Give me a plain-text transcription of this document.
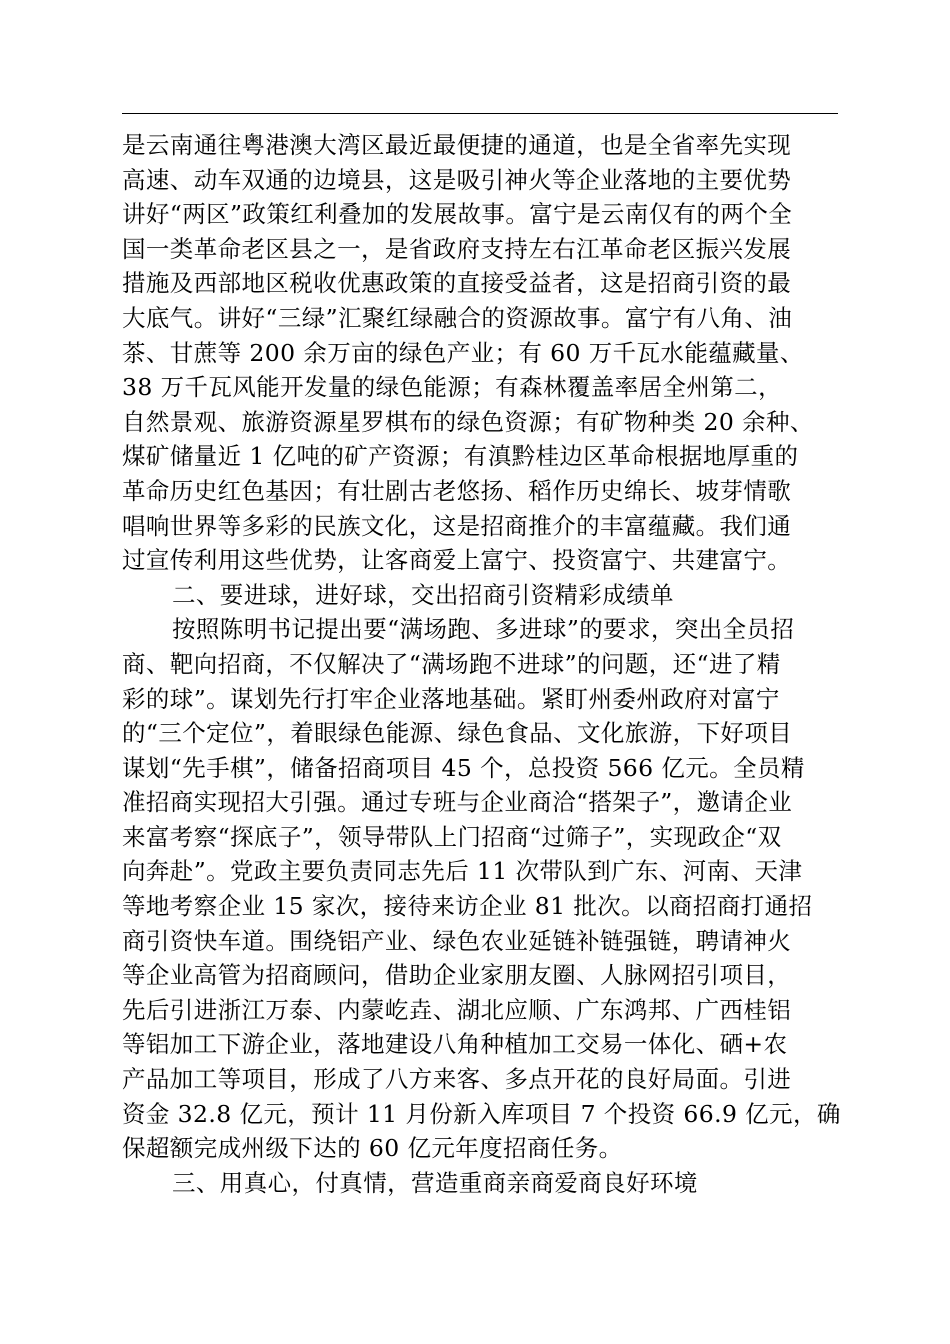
是云南通往粤港澳大湾区最近最便捷的通道，也是全省率先实现
高速、动车双通的边境县，这是吸引神火等企业落地的主要优势
讲好“两区”政策红利叠加的发展故事。富宁是云南仅有的两个全
国一类革命老区县之一，是省政府支持左右江革命老区振兴发展
措施及西部地区税收优惠政策的直接受益者，这是招商引资的最
大底气。讲好“三绿”汇聚红绿融合的资源故事。富宁有八角、油
茶、甘蔗等 200 余万亩的绿色产业；有 60 万千瓦水能蕴藏量、
38 万千瓦风能开发量的绿色能源；有森林覆盖率居全州第二，
自然景观、旅游资源星罗棋布的绿色资源；有矿物种类 20 余种、
煤矿储量近 1 亿吨的矿产资源；有滇黔桂边区革命根据地厚重的
革命历史红色基因；有壮剧古老悠扬、稻作历史绵长、坡芽情歌
唱响世界等多彩的民族文化，这是招商推介的丰富蕴藏。我们通
过宣传利用这些优势，让客商爱上富宁、投资富宁、共建富宁。
二、要进球，进好球，交出招商引资精彩成绩单
按照陈明书记提出要“满场跑、多进球”的要求，突出全员招
商、靶向招商，不仅解决了“满场跑不进球”的问题，还“进了精
彩的球”。谋划先行打牢企业落地基础。紧盯州委州政府对富宁
的“三个定位”，着眼绿色能源、绿色食品、文化旅游，下好项目
谋划“先手棋”，储备招商项目 45 个，总投资 566 亿元。全员精
准招商实现招大引强。通过专班与企业商洽“搭架子”，邀请企业
来富考察“探底子”，领导带队上门招商“过筛子”，实现政企“双
向奔赴”。党政主要负责同志先后 11 次带队到广东、河南、天津
等地考察企业 15 家次，接待来访企业 81 批次。以商招商打通招
商引资快车道。围绕铝产业、绿色农业延链补链强链，聘请神火
等企业高管为招商顾问，借助企业家朋友圈、人脉网招引项目，
先后引进浙江万泰、内蒙屹垚、湖北应顺、广东鸿邦、广西桂铝
等铝加工下游企业，落地建设八角种植加工交易一体化、硒+农
产品加工等项目，形成了八方来客、多点开花的良好局面。引进
资金 32.8 亿元，预计 11 月份新入库项目 7 个投资 66.9 亿元，确
保超额完成州级下达的 60 亿元年度招商任务。
三、用真心，付真情，营造重商亲商爱商良好环境
